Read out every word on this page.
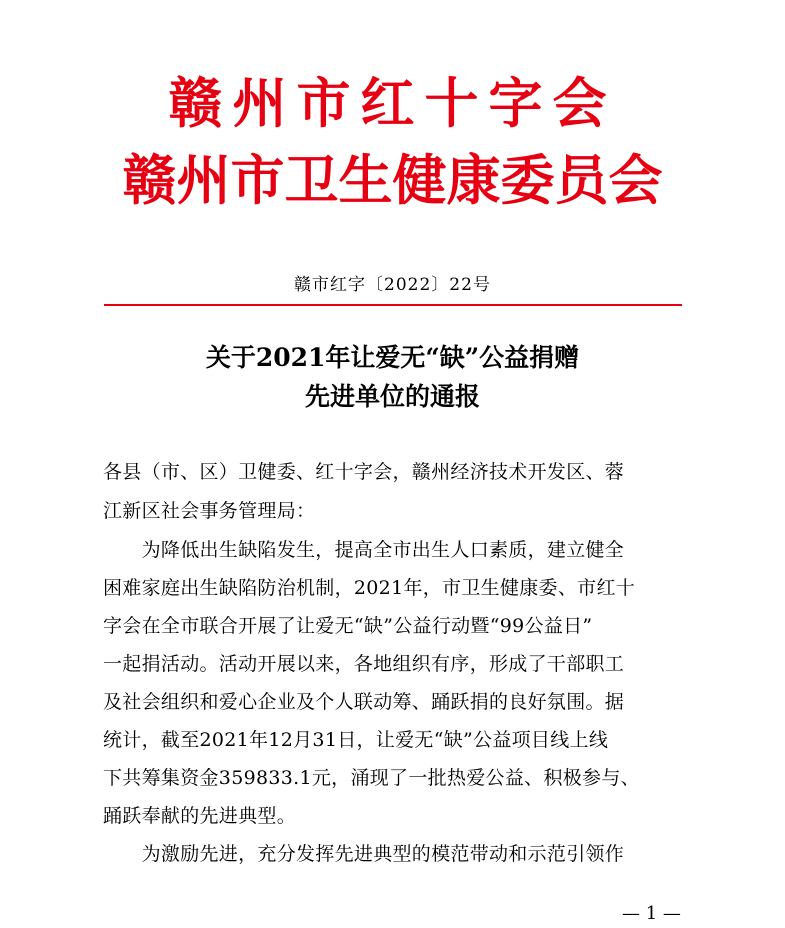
赣州市红十字会
赣州市卫生健康委员会
赣市红字〔2022〕22号
关于2021年让爱无“缺”公益捐赠
先进单位的通报
各县（市、区）卫健委、红十字会，赣州经济技术开发区、蓉
江新区社会事务管理局：
　　为降低出生缺陷发生，提高全市出生人口素质，建立健全
困难家庭出生缺陷防治机制，2021年，市卫生健康委、市红十
字会在全市联合开展了让爱无“缺”公益行动暨“99公益日”
一起捐活动。活动开展以来，各地组织有序，形成了干部职工
及社会组织和爱心企业及个人联动筹、踊跃捐的良好氛围。据
统计，截至2021年12月31日，让爱无“缺”公益项目线上线
下共筹集资金359833.1元，涌现了一批热爱公益、积极参与、
踊跃奉献的先进典型。
　　为激励先进，充分发挥先进典型的模范带动和示范引领作
— 1 —
